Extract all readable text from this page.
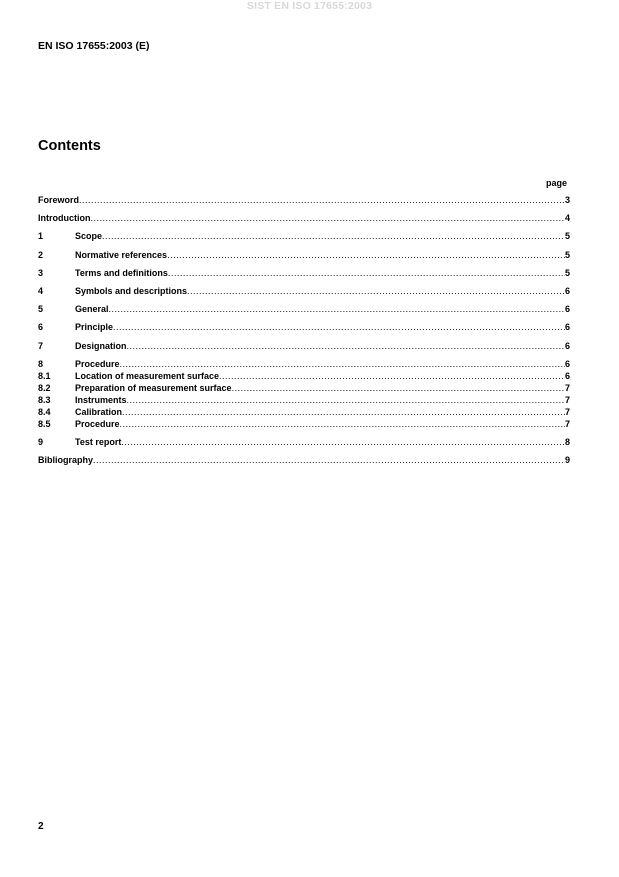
SIST EN ISO 17655:2003
EN ISO 17655:2003 (E)
Contents
page
Foreword .....	3
Introduction .....	4
1	Scope .....	5
2	Normative references .....	5
3	Terms and definitions .....	5
4	Symbols and descriptions .....	6
5	General .....	6
6	Principle .....	6
7	Designation .....	6
8	Procedure .....	6
8.1	Location of measurement surface .....	6
8.2	Preparation of measurement surface .....	7
8.3	Instruments .....	7
8.4	Calibration .....	7
8.5	Procedure .....	7
9	Test report .....	8
Bibliography .....	9
2
